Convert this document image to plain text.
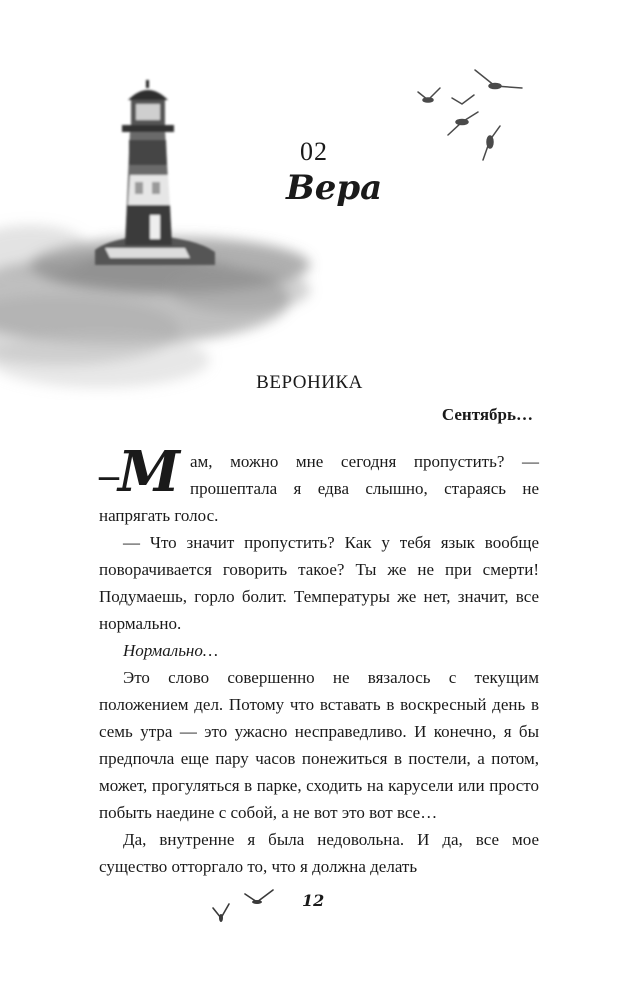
02
Вера
ВЕРОНИКА
Сентябрь…
– М ам, можно мне сегодня пропустить? —

прошептала я едва слышно, стараясь не

напрягать голос.

— Что значит пропустить? Как у тебя язык вообще поворачивается говорить такое? Ты же не при смерти! Подумаешь, горло болит. Температуры же нет, значит, все нормально.

Нормально…

Это слово совершенно не вязалось с текущим положением дел. Потому что вставать в воскресный день в семь утра — это ужасно несправедливо. И конечно, я бы предпочла еще пару часов понежиться в постели, а потом, может, прогуляться в парке, сходить на карусели или просто побыть наедине с собой, а не вот это вот все…

Да, внутренне я была недовольна. И да, все мое существо отторгало то, что я должна делать

12
